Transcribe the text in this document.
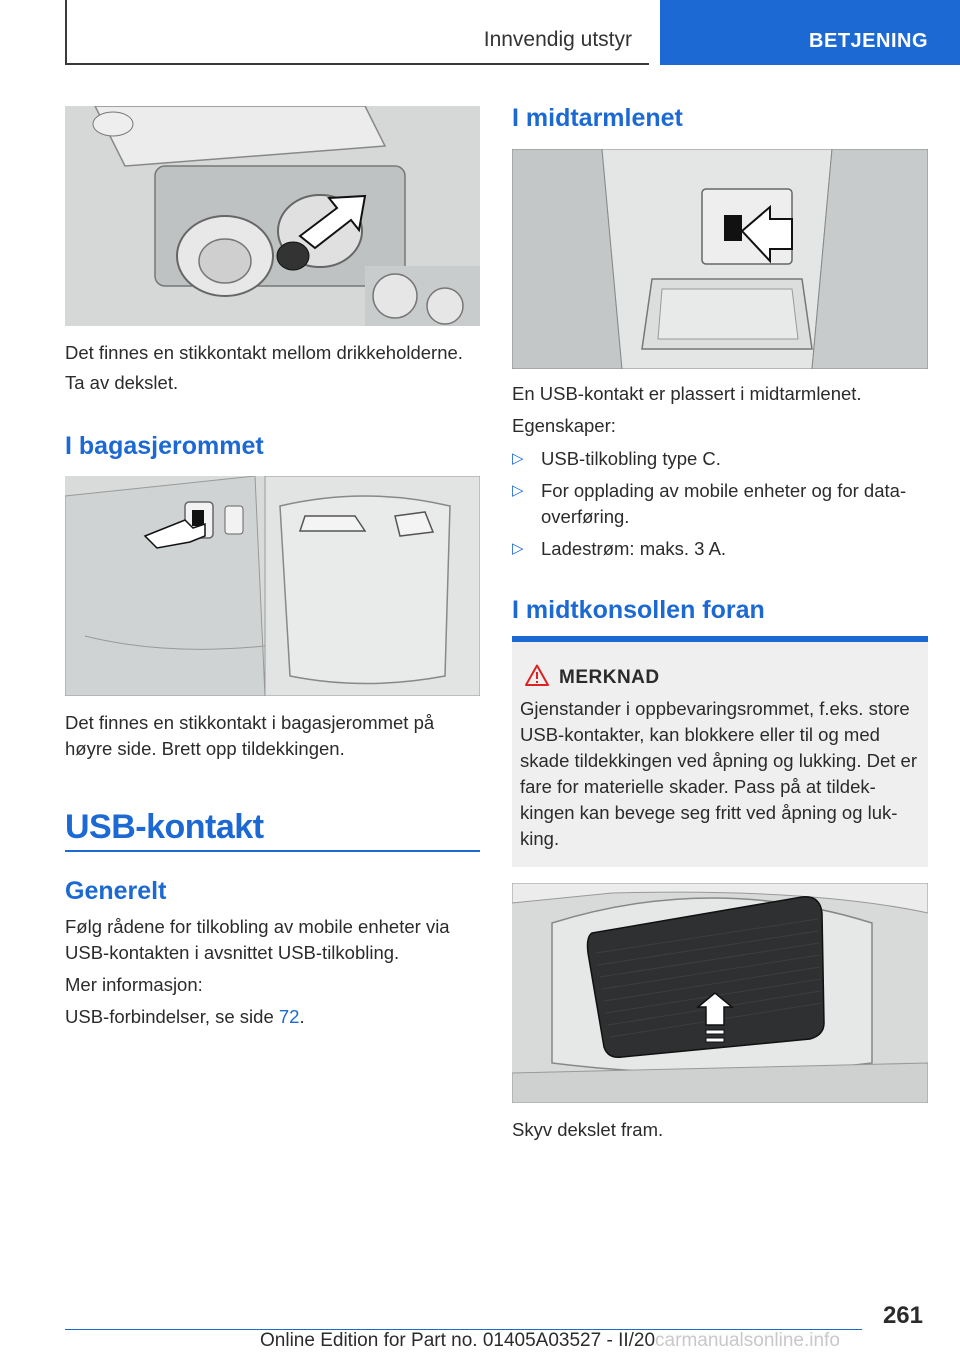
Innvendig utstyr	BETJENING
Det finnes en stikkontakt mellom drikkeholderne.
Ta av dekslet.
I bagasjerommet
Det finnes en stikkontakt i bagasjerommet på høyre side. Brett opp tildekkingen.
USB-kontakt
Generelt
Følg rådene for tilkobling av mobile enheter via USB-kontakten i avsnittet USB-tilkobling.
Mer informasjon:
USB-forbindelser, se side 72.
I midtarmlenet
En USB-kontakt er plassert i midtarmlenet.
Egenskaper:
▷ USB-tilkobling type C.
▷ For opplading av mobile enheter og for dataoverføring.
▷ Ladestrøm: maks. 3 A.
I midtkonsollen foran
MERKNAD
Gjenstander i oppbevaringsrommet, f.eks. store USB-kontakter, kan blokkere eller til og med skade tildekkingen ved åpning og lukking. Det er fare for materielle skader. Pass på at tildekkingen kan bevege seg fritt ved åpning og lukking.
Skyv dekslet fram.
261
Online Edition for Part no. 01405A03527 - II/20carmanualsonline.info
